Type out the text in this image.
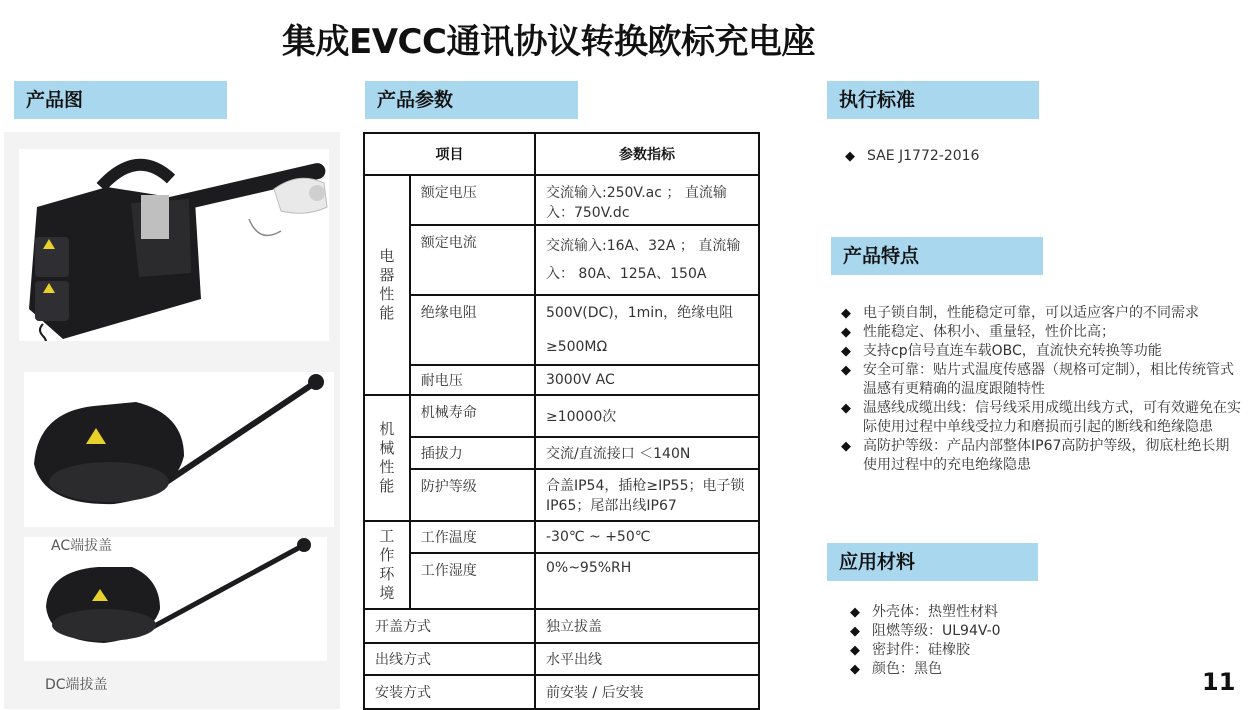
集成EVCC通讯协议转换欧标充电座
产品图	产品参数	执行标准
产品特点
应用材料
AC端拔盖
DC端拔盖
项目		参数指标
电器性能	额定电压	交流输入:250V.ac ； 直流输入：750V.dc
	额定电流	交流输入:16A、32A ； 直流输入： 80A、125A、150A
	绝缘电阻	500V(DC)，1min，绝缘电阻≥500MΩ
	耐电压	3000V AC
机械性能	机械寿命	≥10000次
	插拔力	交流/直流接口 ＜140N
	防护等级	合盖IP54，插枪≥IP55；电子锁IP65；尾部出线IP67
工作环境	工作温度	-30℃ ~ +50℃
	工作湿度	0%~95%RH
开盖方式		独立拔盖
出线方式		水平出线
安装方式		前安装 / 后安装
◆ SAE J1772-2016
◆ 电子锁自制，性能稳定可靠，可以适应客户的不同需求
◆ 性能稳定、体积小、重量轻，性价比高；
◆ 支持cp信号直连车载OBC，直流快充转换等功能
◆ 安全可靠：贴片式温度传感器（规格可定制），相比传统管式温感有更精确的温度跟随特性
◆ 温感线成缆出线：信号线采用成缆出线方式，可有效避免在实际使用过程中单线受拉力和磨损而引起的断线和绝缘隐患
◆ 高防护等级：产品内部整体IP67高防护等级，彻底杜绝长期使用过程中的充电绝缘隐患
◆ 外壳体：热塑性材料
◆ 阻燃等级：UL94V-0
◆ 密封件：硅橡胶
◆ 颜色：黑色	11
